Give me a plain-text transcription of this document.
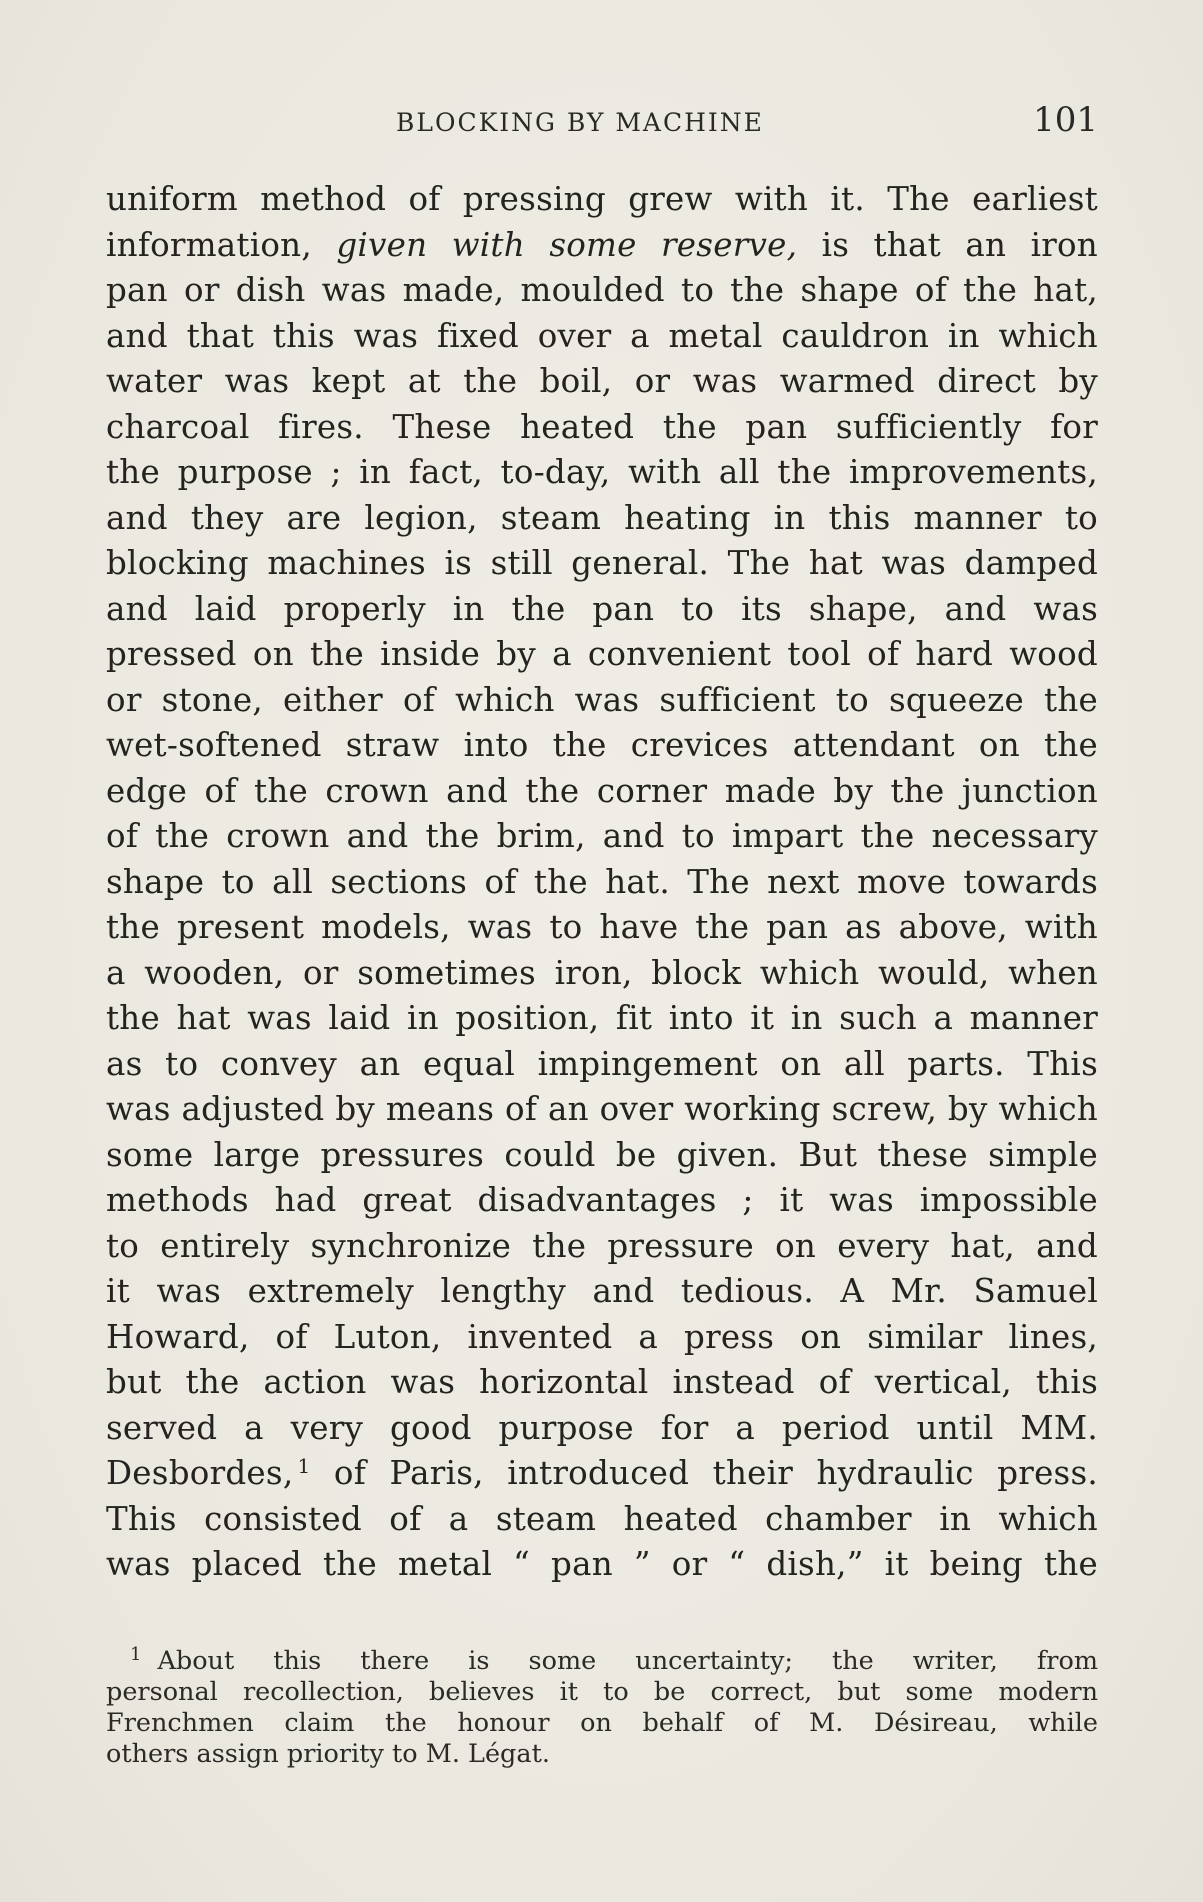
BLOCKING BY MACHINE	101
uniform method of pressing grew with it. The earliest
information, given with some reserve, is that an iron
pan or dish was made, moulded to the shape of the hat,
and that this was fixed over a metal cauldron in which
water was kept at the boil, or was warmed direct by
charcoal fires. These heated the pan sufficiently for
the purpose ; in fact, to-day, with all the improvements,
and they are legion, steam heating in this manner to
blocking machines is still general. The hat was damped
and laid properly in the pan to its shape, and was
pressed on the inside by a convenient tool of hard wood
or stone, either of which was sufficient to squeeze the
wet-softened straw into the crevices attendant on the
edge of the crown and the corner made by the junction
of the crown and the brim, and to impart the necessary
shape to all sections of the hat. The next move towards
the present models, was to have the pan as above, with
a wooden, or sometimes iron, block which would, when
the hat was laid in position, fit into it in such a manner
as to convey an equal impingement on all parts. This
was adjusted by means of an over working screw, by which
some large pressures could be given. But these simple
methods had great disadvantages ; it was impossible
to entirely synchronize the pressure on every hat, and
it was extremely lengthy and tedious. A Mr. Samuel
Howard, of Luton, invented a press on similar lines,
but the action was horizontal instead of vertical, this
served a very good purpose for a period until MM.
Desbordes, $^1$ of Paris, introduced their hydraulic press.
This consisted of a steam heated chamber in which
was placed the metal “ pan ” or “ dish,” it being the
$^1$ About this there is some uncertainty; the writer, from
personal recollection, believes it to be correct, but some modern
Frenchmen claim the honour on behalf of M. Désireau, while
others assign priority to M. Légat.
